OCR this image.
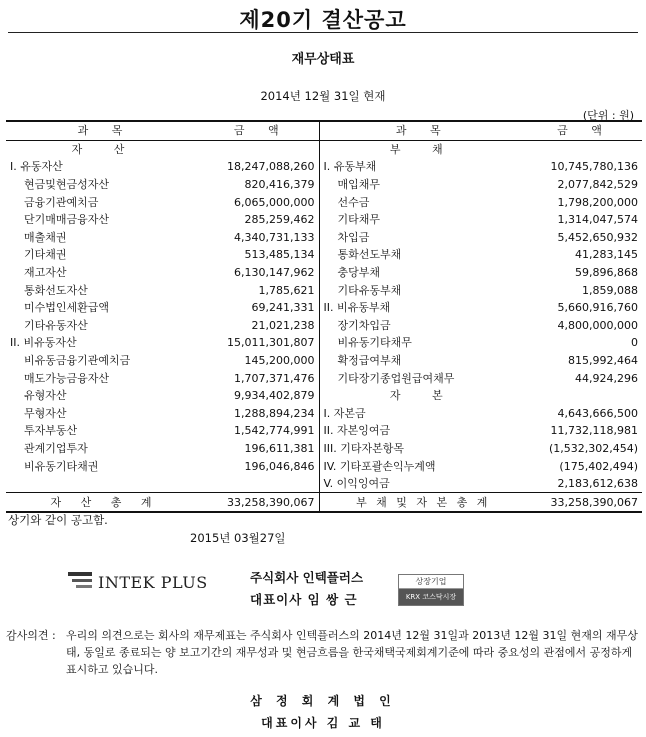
제20기 결산공고
재무상태표
2014년 12월 31일 현재
(단위 : 원)
과 목	금 액	과 목	금 액
자 산		부 채	
I. 유동자산	18,247,088,260	I. 유동부채	10,745,780,136
현금및현금성자산	820,416,379	매입채무	2,077,842,529
금융기관예치금	6,065,000,000	선수금	1,798,200,000
단기매매금융자산	285,259,462	기타채무	1,314,047,574
매출채권	4,340,731,133	차입금	5,452,650,932
기타채권	513,485,134	통화선도부채	41,283,145
재고자산	6,130,147,962	충당부채	59,896,868
통화선도자산	1,785,621	기타유동부채	1,859,088
미수법인세환급액	69,241,331	II. 비유동부채	5,660,916,760
기타유동자산	21,021,238	장기차입금	4,800,000,000
II. 비유동자산	15,011,301,807	비유동기타채무	0
비유동금융기관예치금	145,200,000	확정급여부채	815,992,464
매도가능금융자산	1,707,371,476	기타장기종업원급여채무	44,924,296
유형자산	9,934,402,879	자 본	
무형자산	1,288,894,234	I. 자본금	4,643,666,500
투자부동산	1,542,774,991	II. 자본잉여금	11,732,118,981
관계기업투자	196,611,381	III. 기타자본항목	(1,532,302,454)
비유동기타채권	196,046,846	IV. 기타포괄손익누계액	(175,402,494)
		V. 이익잉여금	2,183,612,638
자 산 총 계	33,258,390,067	부 채 및 자 본 총 계	33,258,390,067
상기와 같이 공고함.
2015년 03월27일
INTEK PLUS	주식회사 인텍플러스
대표이사 임 쌍 근
상장기업
KRX 코스닥시장
감사의견 : 우리의 의견으로는 회사의 재무제표는 주식회사 인텍플러스의 2014년 12월 31일과 2013년 12월 31일 현재의 재무상태, 동일로 종료되는 양 보고기간의 재무성과 및 현금흐름을 한국채택국제회계기준에 따라 중요성의 관점에서 공정하게 표시하고 있습니다.
삼 정 회 계 법 인
대표이사 김 교 태
